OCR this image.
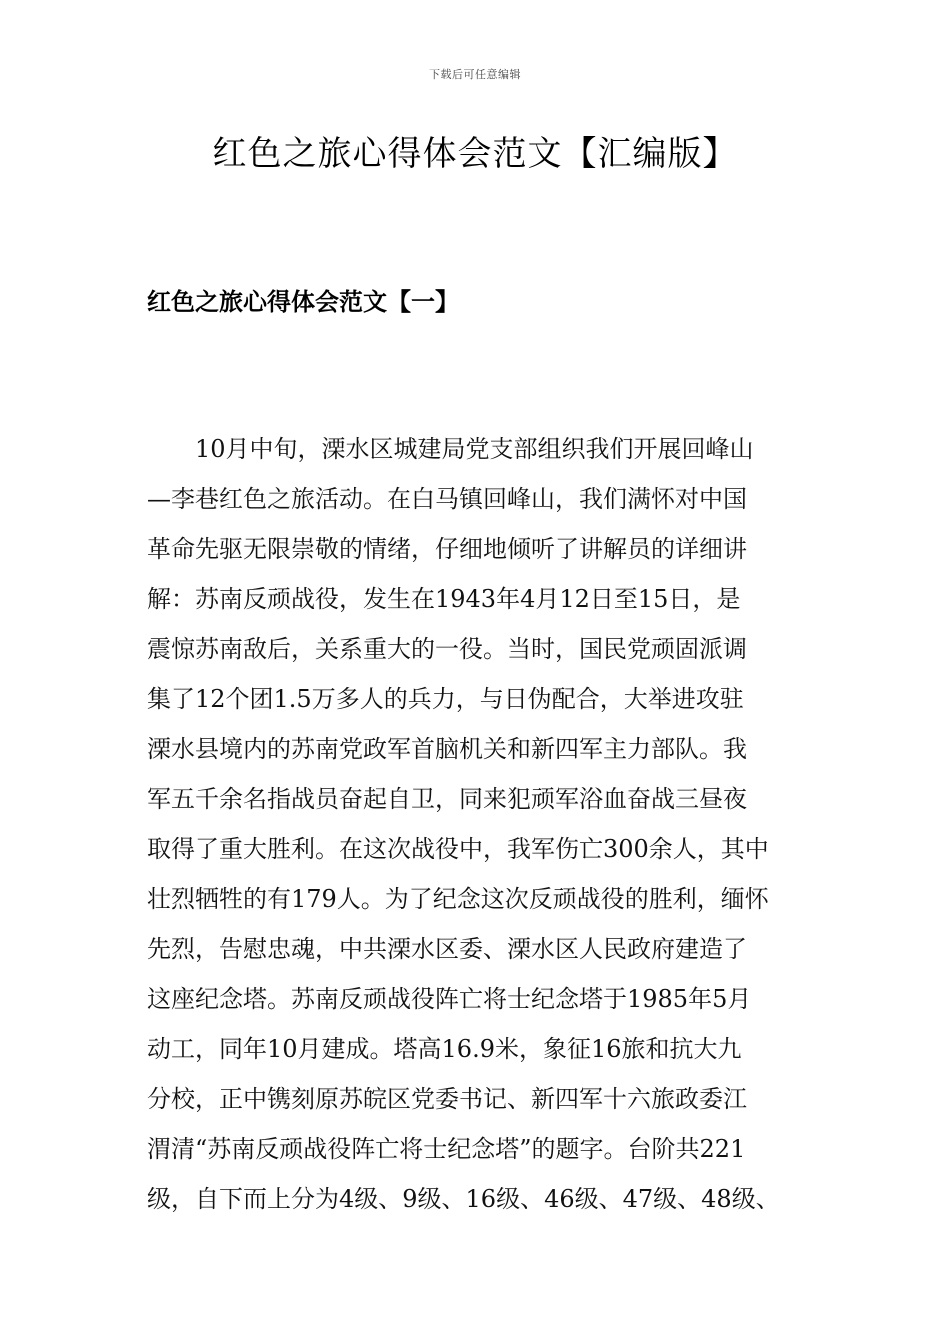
下载后可任意编辑
红色之旅心得体会范文【汇编版】
红色之旅心得体会范文【一】
10月中旬，溧水区城建局党支部组织我们开展回峰山
—李巷红色之旅活动。在白马镇回峰山，我们满怀对中国
革命先驱无限崇敬的情绪，仔细地倾听了讲解员的详细讲
解：苏南反顽战役，发生在1943年4月12日至15日，是
震惊苏南敌后，关系重大的一役。当时，国民党顽固派调
集了12个团1.5万多人的兵力，与日伪配合，大举进攻驻
溧水县境内的苏南党政军首脑机关和新四军主力部队。我
军五千余名指战员奋起自卫，同来犯顽军浴血奋战三昼夜
取得了重大胜利。在这次战役中，我军伤亡300余人，其中
壮烈牺牲的有179人。为了纪念这次反顽战役的胜利，缅怀
先烈，告慰忠魂，中共溧水区委、溧水区人民政府建造了
这座纪念塔。苏南反顽战役阵亡将士纪念塔于1985年5月
动工，同年10月建成。塔高16.9米，象征16旅和抗大九
分校，正中镌刻原苏皖区党委书记、新四军十六旅政委江
渭清“苏南反顽战役阵亡将士纪念塔”的题字。台阶共221
级，自下而上分为4级、9级、16级、46级、47级、48级、
